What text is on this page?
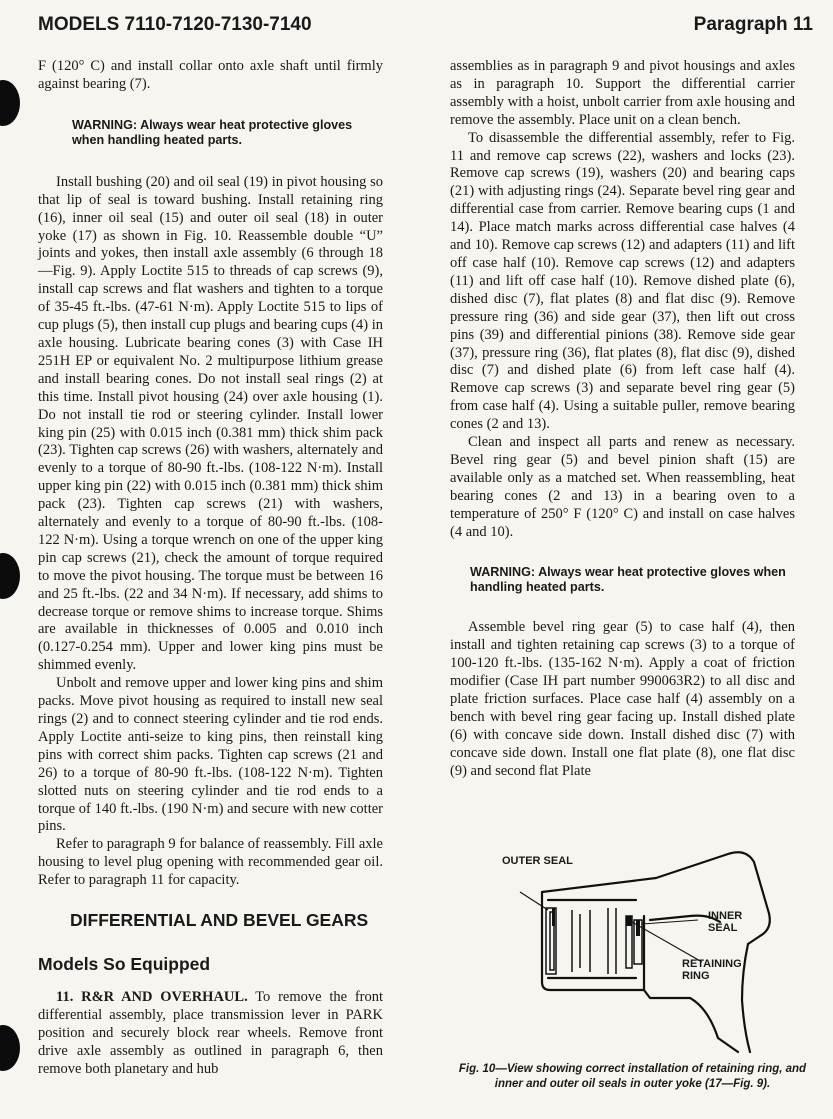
MODELS 7110-7120-7130-7140	Paragraph 11

F (120° C) and install collar onto axle shaft until firmly against bearing (7).

WARNING: Always wear heat protective gloves when handling heated parts.

Install bushing (20) and oil seal (19) in pivot housing so that lip of seal is toward bushing. Install retaining ring (16), inner oil seal (15) and outer oil seal (18) in outer yoke (17) as shown in Fig. 10. Reassemble double “U” joints and yokes, then install axle assembly (6 through 18—Fig. 9). Apply Loctite 515 to threads of cap screws (9), install cap screws and flat washers and tighten to a torque of 35-45 ft.-lbs. (47-61 N·m). Apply Loctite 515 to lips of cup plugs (5), then install cup plugs and bearing cups (4) in axle housing. Lubricate bearing cones (3) with Case IH 251H EP or equivalent No. 2 multipurpose lithium grease and install bearing cones. Do not install seal rings (2) at this time. Install pivot housing (24) over axle housing (1). Do not install tie rod or steering cylinder. Install lower king pin (25) with 0.015 inch (0.381 mm) thick shim pack (23). Tighten cap screws (26) with washers, alternately and evenly to a torque of 80-90 ft.-lbs. (108-122 N·m). Install upper king pin (22) with 0.015 inch (0.381 mm) thick shim pack (23). Tighten cap screws (21) with washers, alternately and evenly to a torque of 80-90 ft.-lbs. (108-122 N·m). Using a torque wrench on one of the upper king pin cap screws (21), check the amount of torque required to move the pivot housing. The torque must be between 16 and 25 ft.-lbs. (22 and 34 N·m). If necessary, add shims to decrease torque or remove shims to increase torque. Shims are available in thicknesses of 0.005 and 0.010 inch (0.127-0.254 mm). Upper and lower king pins must be shimmed evenly.

Unbolt and remove upper and lower king pins and shim packs. Move pivot housing as required to install new seal rings (2) and to connect steering cylinder and tie rod ends. Apply Loctite anti-seize to king pins, then reinstall king pins with correct shim packs. Tighten cap screws (21 and 26) to a torque of 80-90 ft.-lbs. (108-122 N·m). Tighten slotted nuts on steering cylinder and tie rod ends to a torque of 140 ft.-lbs. (190 N·m) and secure with new cotter pins.

Refer to paragraph 9 for balance of reassembly. Fill axle housing to level plug opening with recommended gear oil. Refer to paragraph 11 for capacity.

DIFFERENTIAL AND BEVEL GEARS

Models So Equipped

11. R&R AND OVERHAUL. To remove the front differential assembly, place transmission lever in PARK position and securely block rear wheels. Remove front drive axle assembly as outlined in paragraph 6, then remove both planetary and hub

assemblies as in paragraph 9 and pivot housings and axles as in paragraph 10. Support the differential carrier assembly with a hoist, unbolt carrier from axle housing and remove the assembly. Place unit on a clean bench.

To disassemble the differential assembly, refer to Fig. 11 and remove cap screws (22), washers and locks (23). Remove cap screws (19), washers (20) and bearing caps (21) with adjusting rings (24). Separate bevel ring gear and differential case from carrier. Remove bearing cups (1 and 14). Place match marks across differential case halves (4 and 10). Remove cap screws (12) and adapters (11) and lift off case half (10). Remove cap screws (12) and adapters (11) and lift off case half (10). Remove dished plate (6), dished disc (7), flat plates (8) and flat disc (9). Remove pressure ring (36) and side gear (37), then lift out cross pins (39) and differential pinions (38). Remove side gear (37), pressure ring (36), flat plates (8), flat disc (9), dished disc (7) and dished plate (6) from left case half (4). Remove cap screws (3) and separate bevel ring gear (5) from case half (4). Using a suitable puller, remove bearing cones (2 and 13).

Clean and inspect all parts and renew as necessary. Bevel ring gear (5) and bevel pinion shaft (15) are available only as a matched set. When reassembling, heat bearing cones (2 and 13) in a bearing oven to a temperature of 250° F (120° C) and install on case halves (4 and 10).

WARNING: Always wear heat protective gloves when handling heated parts.

Assemble bevel ring gear (5) to case half (4), then install and tighten retaining cap screws (3) to a torque of 100-120 ft.-lbs. (135-162 N·m). Apply a coat of friction modifier (Case IH part number 990063R2) to all disc and plate friction surfaces. Place case half (4) assembly on a bench with bevel ring gear facing up. Install dished plate (6) with concave side down. Install dished disc (7) with concave side down. Install one flat plate (8), one flat disc (9) and second flat Plate

OUTER SEAL
INNER SEAL
RETAINING RING
Fig. 10—View showing correct installation of retaining ring, and inner and outer oil seals in outer yoke (17—Fig. 9).
